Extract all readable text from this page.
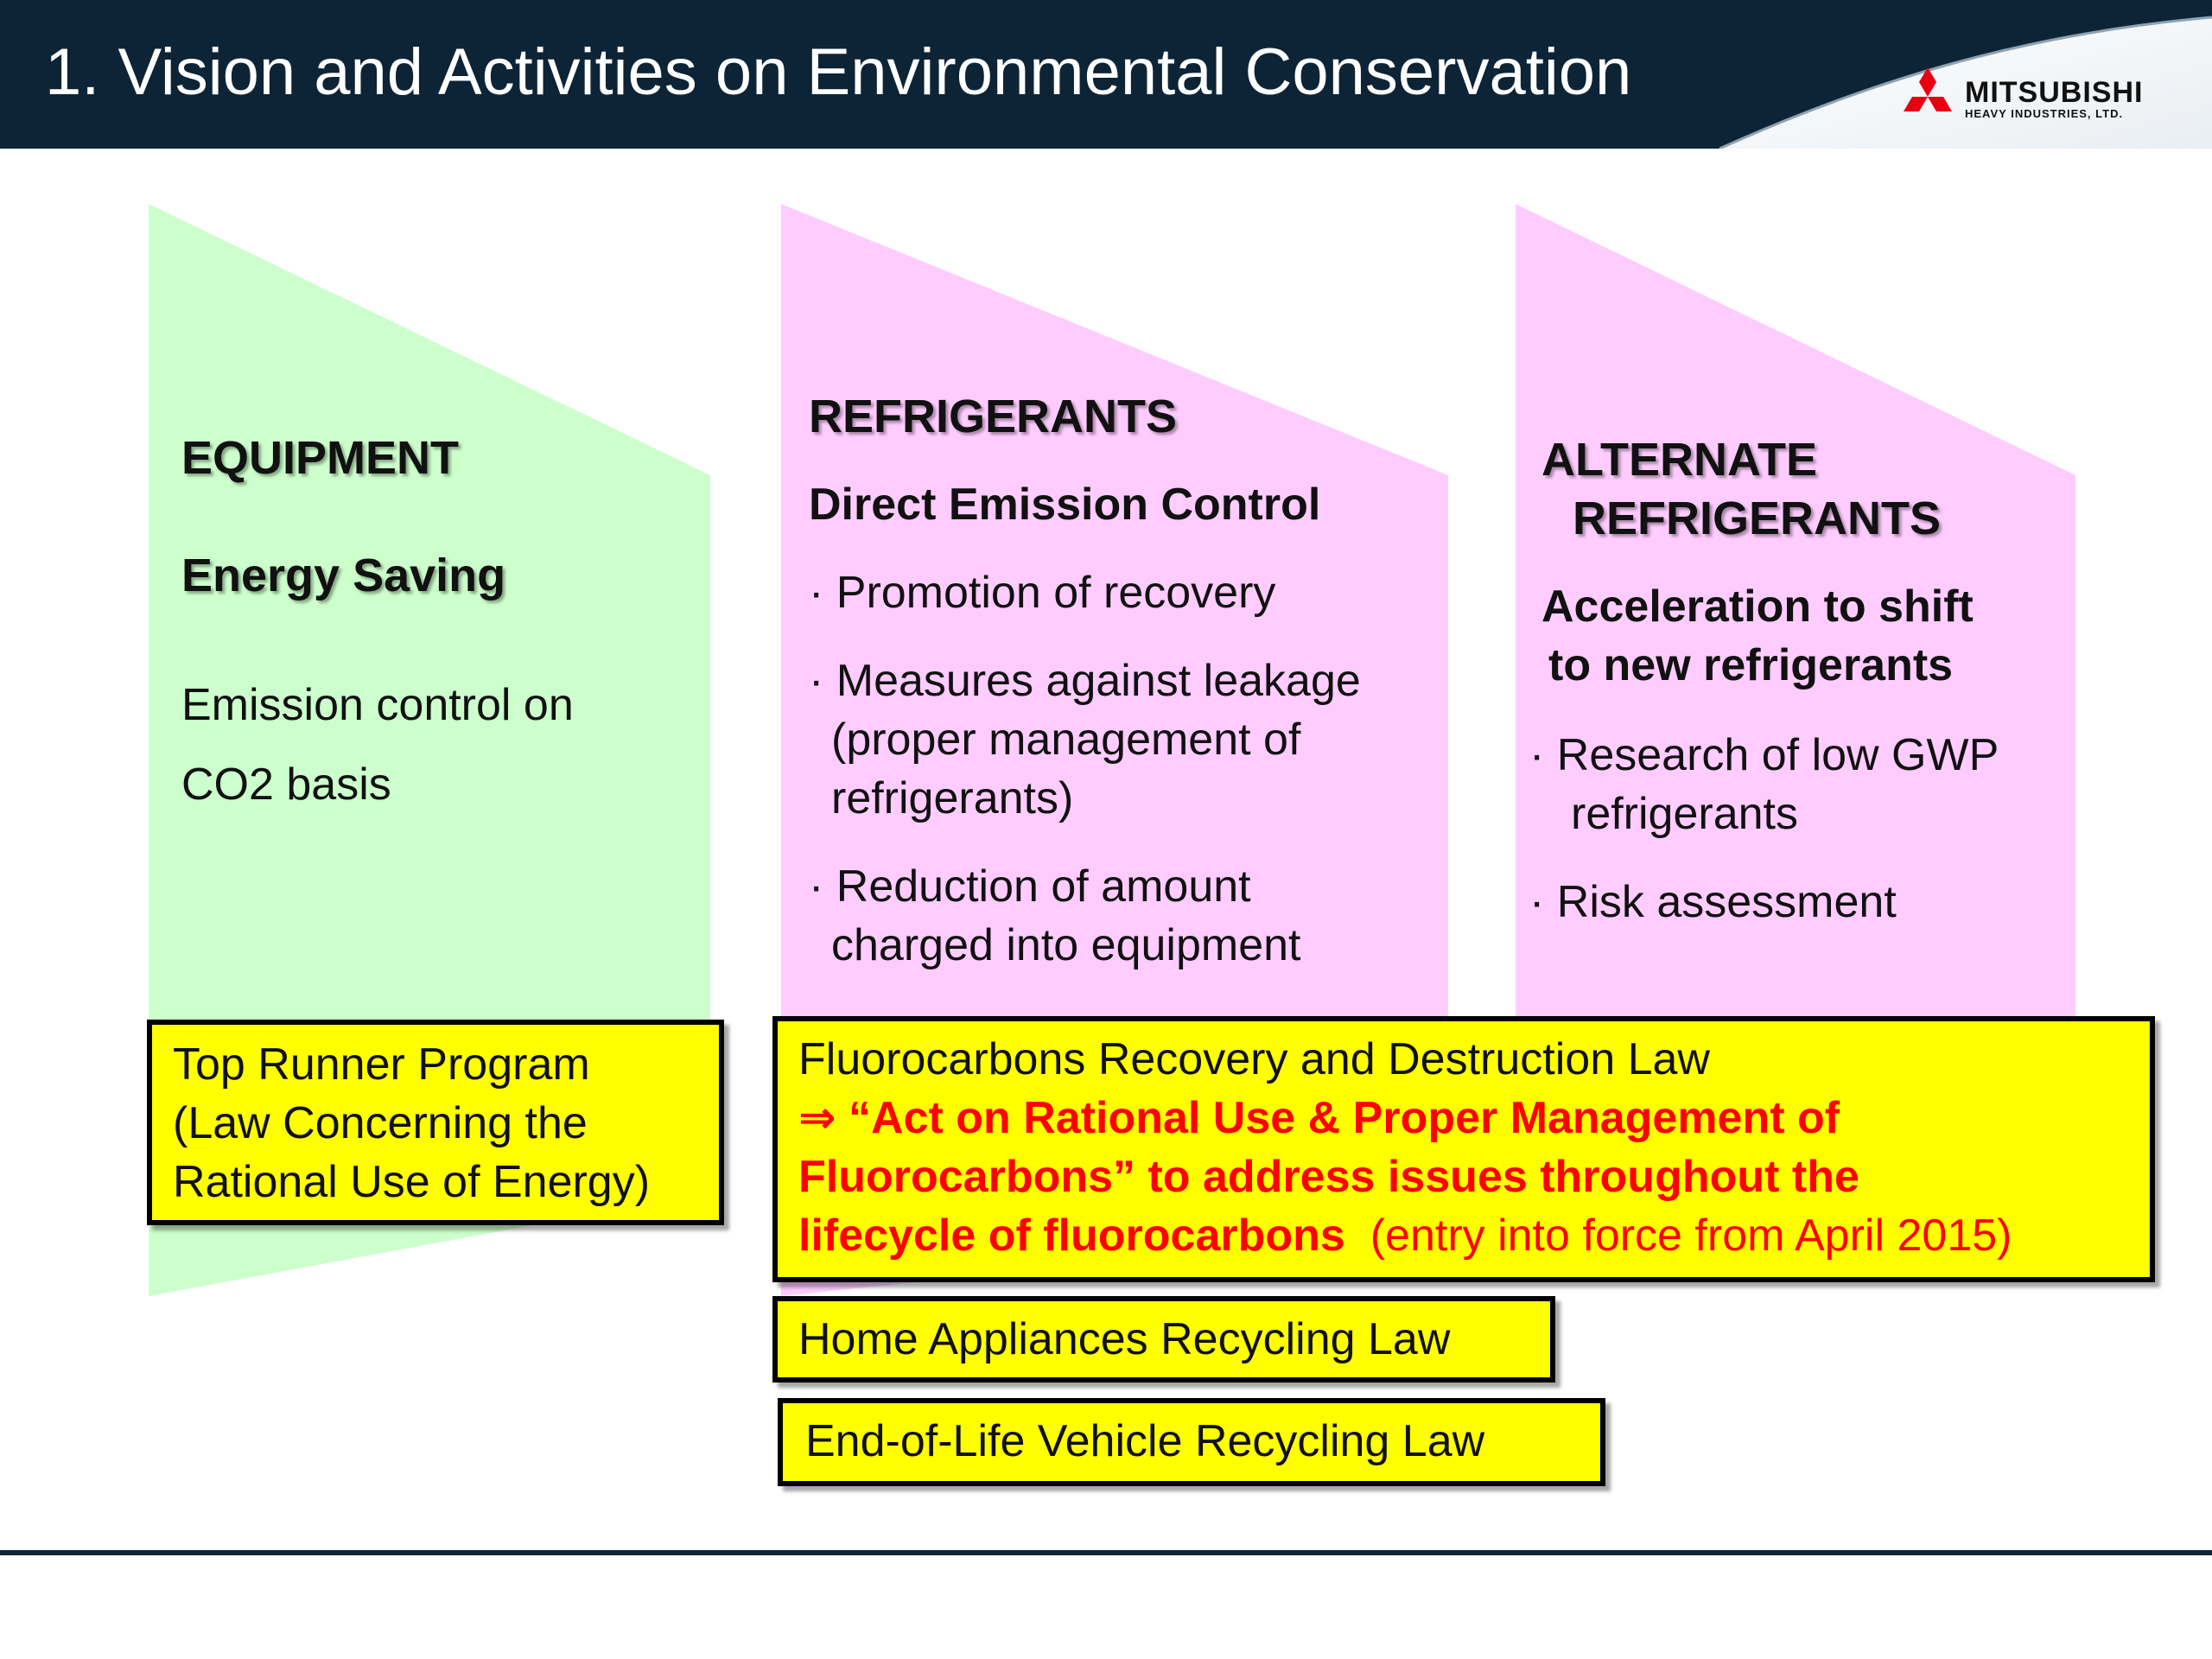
1. Vision and Activities on Environmental Conservation	MITSUBISHI
HEAVY INDUSTRIES, LTD.
EQUIPMENT
Energy Saving
Emission control on
CO2 basis
REFRIGERANTS
Direct Emission Control
· Promotion of recovery
· Measures against leakage
(proper management of
refrigerants)
· Reduction of amount
charged into equipment
ALTERNATE
REFRIGERANTS
Acceleration to shift
to new refrigerants
· Research of low GWP
refrigerants
· Risk assessment
Top Runner Program
(Law Concerning the
Rational Use of Energy)
Fluorocarbons Recovery and Destruction Law
⇒ “Act on Rational Use & Proper Management of
Fluorocarbons” to address issues throughout the
lifecycle of fluorocarbons (entry into force from April 2015)
Home Appliances Recycling Law
End-of-Life Vehicle Recycling Law
